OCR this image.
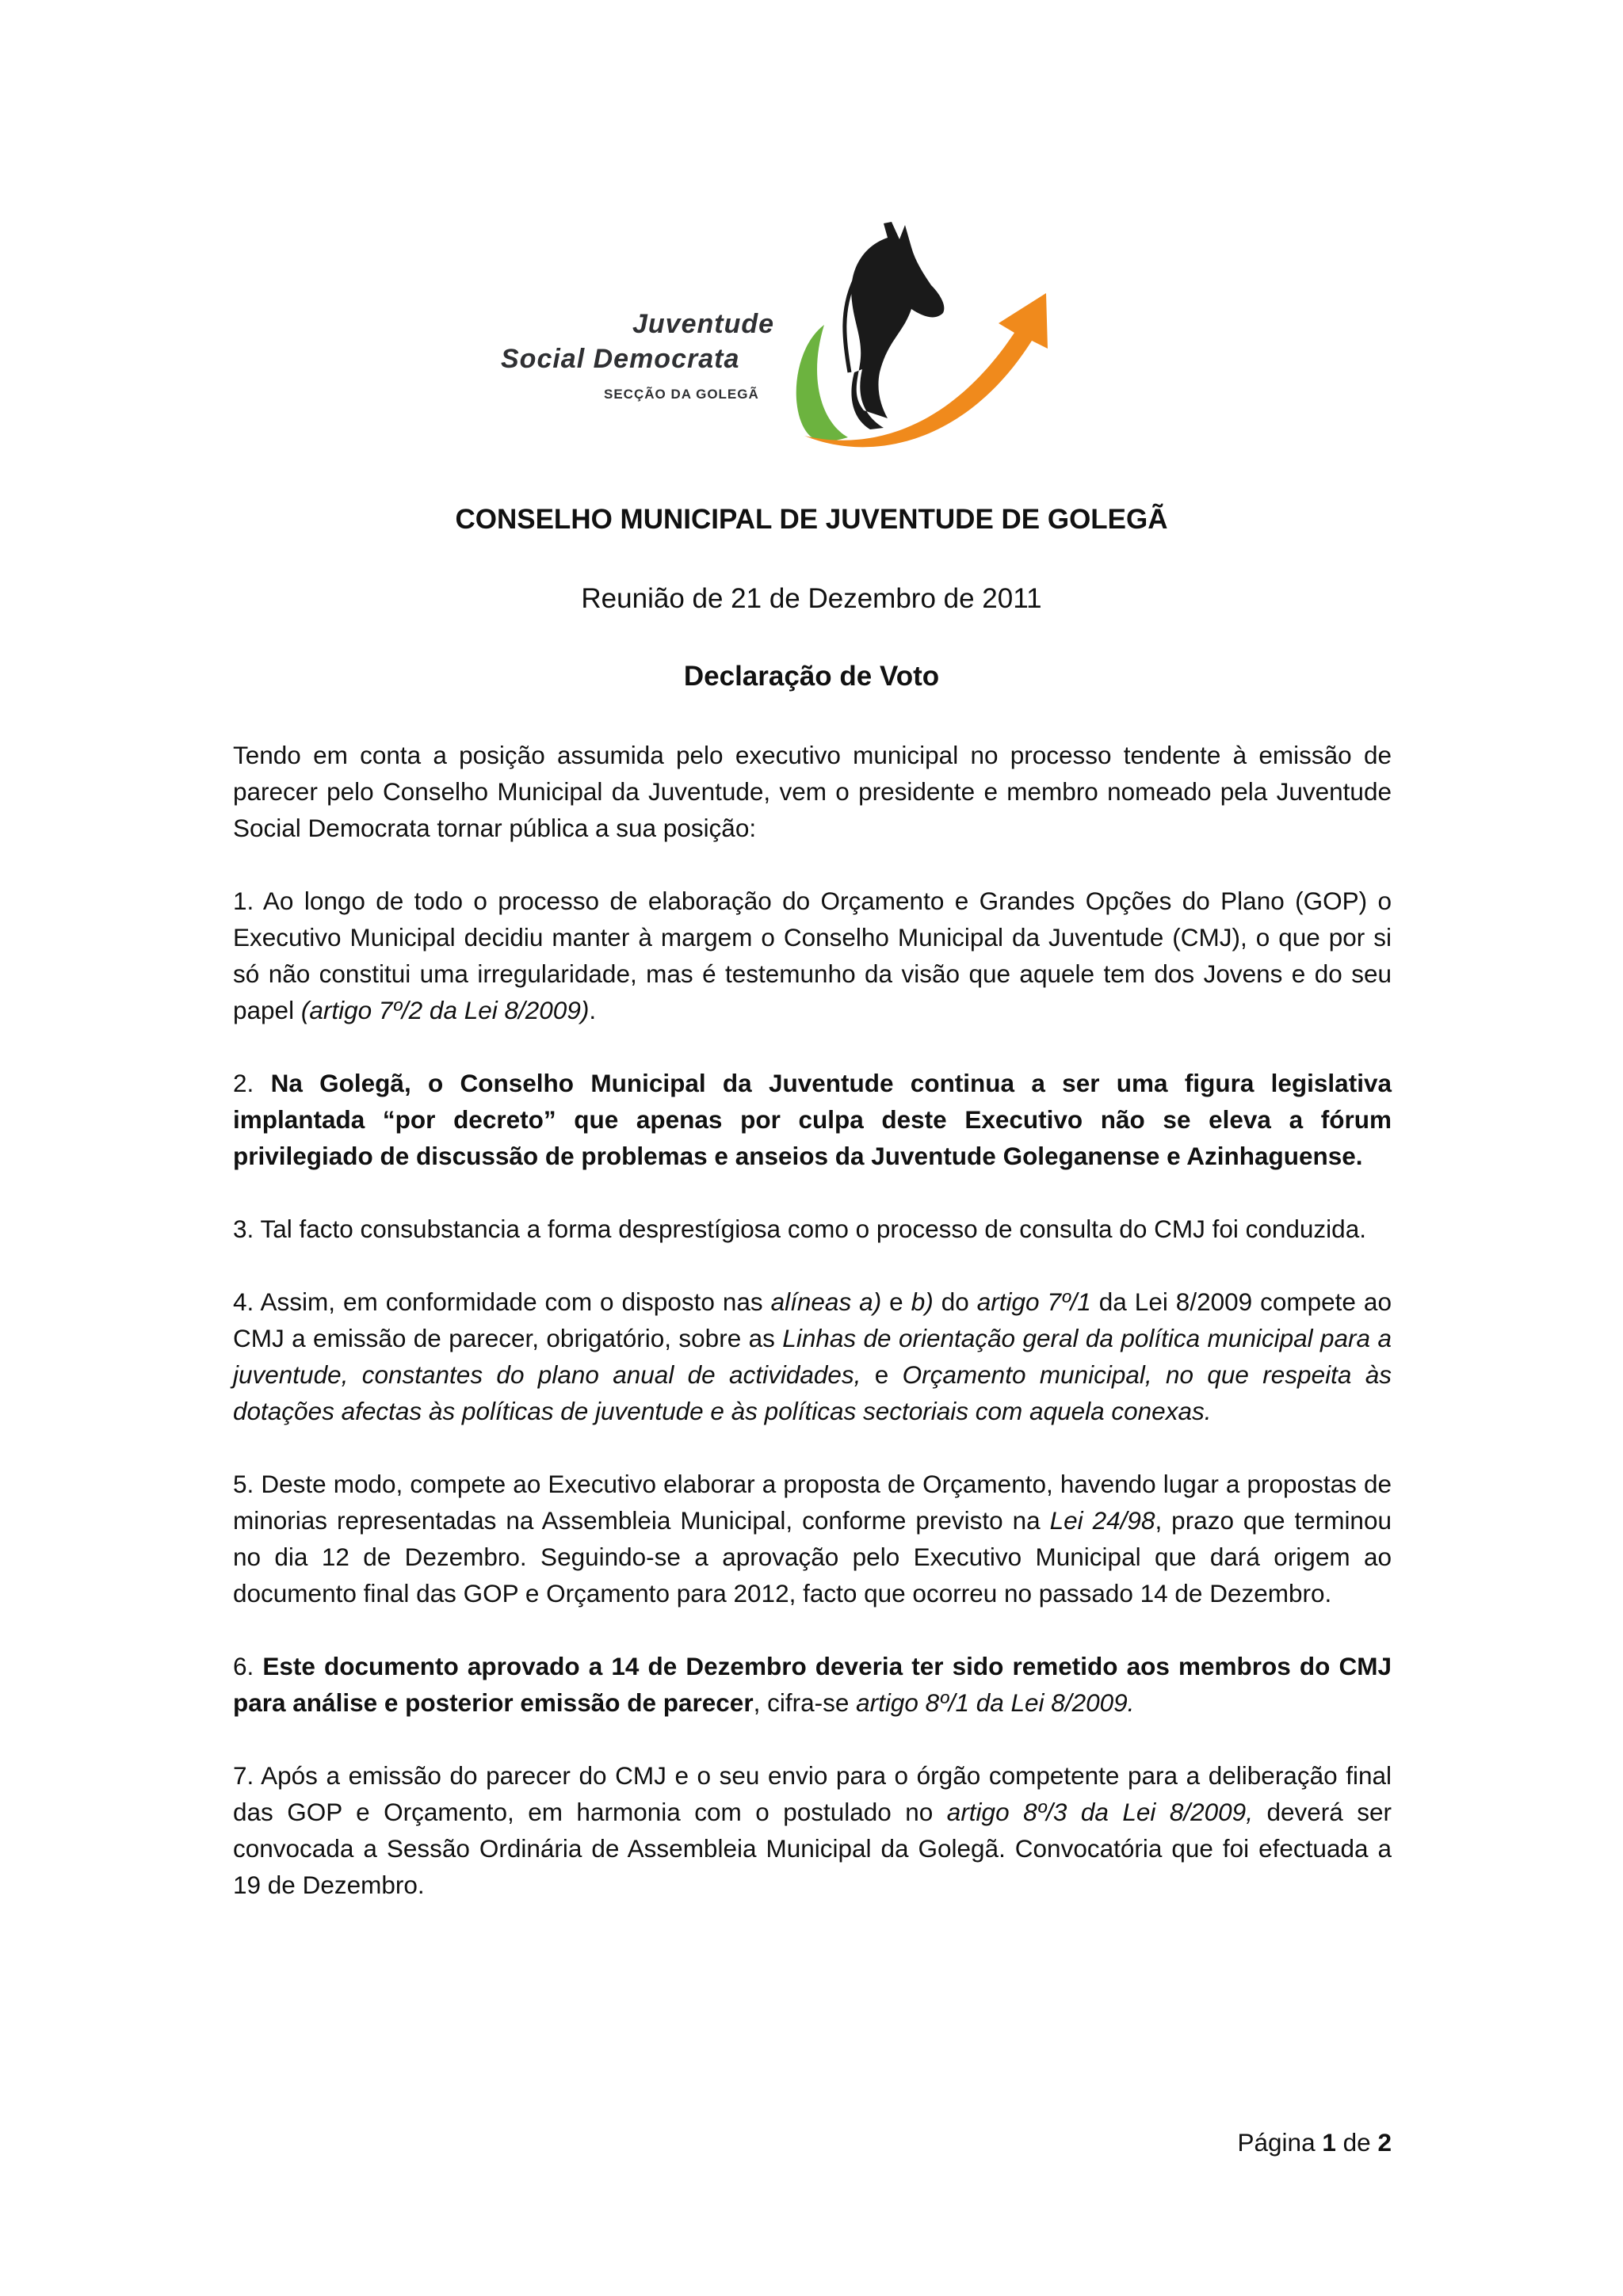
Juventude
Social Democrata
SECÇÃO DA GOLEGÃ
CONSELHO MUNICIPAL DE JUVENTUDE DE GOLEGÃ
Reunião de 21 de Dezembro de 2011
Declaração de Voto

Tendo em conta a posição assumida pelo executivo municipal no processo tendente à emissão de parecer pelo Conselho Municipal da Juventude, vem o presidente e membro nomeado pela Juventude Social Democrata tornar pública a sua posição:

1. Ao longo de todo o processo de elaboração do Orçamento e Grandes Opções do Plano (GOP) o Executivo Municipal decidiu manter à margem o Conselho Municipal da Juventude (CMJ), o que por si só não constitui uma irregularidade, mas é testemunho da visão que aquele tem dos Jovens e do seu papel (artigo 7º/2 da Lei 8/2009).

2. Na Golegã, o Conselho Municipal da Juventude continua a ser uma figura legislativa implantada “por decreto” que apenas por culpa deste Executivo não se eleva a fórum privilegiado de discussão de problemas e anseios da Juventude Goleganense e Azinhaguense.

3. Tal facto consubstancia a forma desprestígiosa como o processo de consulta do CMJ foi conduzida.

4. Assim, em conformidade com o disposto nas alíneas a) e b) do artigo 7º/1 da Lei 8/2009 compete ao CMJ a emissão de parecer, obrigatório, sobre as Linhas de orientação geral da política municipal para a juventude, constantes do plano anual de actividades, e Orçamento municipal, no que respeita às dotações afectas às políticas de juventude e às políticas sectoriais com aquela conexas.

5. Deste modo, compete ao Executivo elaborar a proposta de Orçamento, havendo lugar a propostas de minorias representadas na Assembleia Municipal, conforme previsto na Lei 24/98, prazo que terminou no dia 12 de Dezembro. Seguindo-se a aprovação pelo Executivo Municipal que dará origem ao documento final das GOP e Orçamento para 2012, facto que ocorreu no passado 14 de Dezembro.

6. Este documento aprovado a 14 de Dezembro deveria ter sido remetido aos membros do CMJ para análise e posterior emissão de parecer, cifra-se artigo 8º/1 da Lei 8/2009.

7. Após a emissão do parecer do CMJ e o seu envio para o órgão competente para a deliberação final das GOP e Orçamento, em harmonia com o postulado no artigo 8º/3 da Lei 8/2009, deverá ser convocada a Sessão Ordinária de Assembleia Municipal da Golegã. Convocatória que foi efectuada a 19 de Dezembro.

Página 1 de 2
